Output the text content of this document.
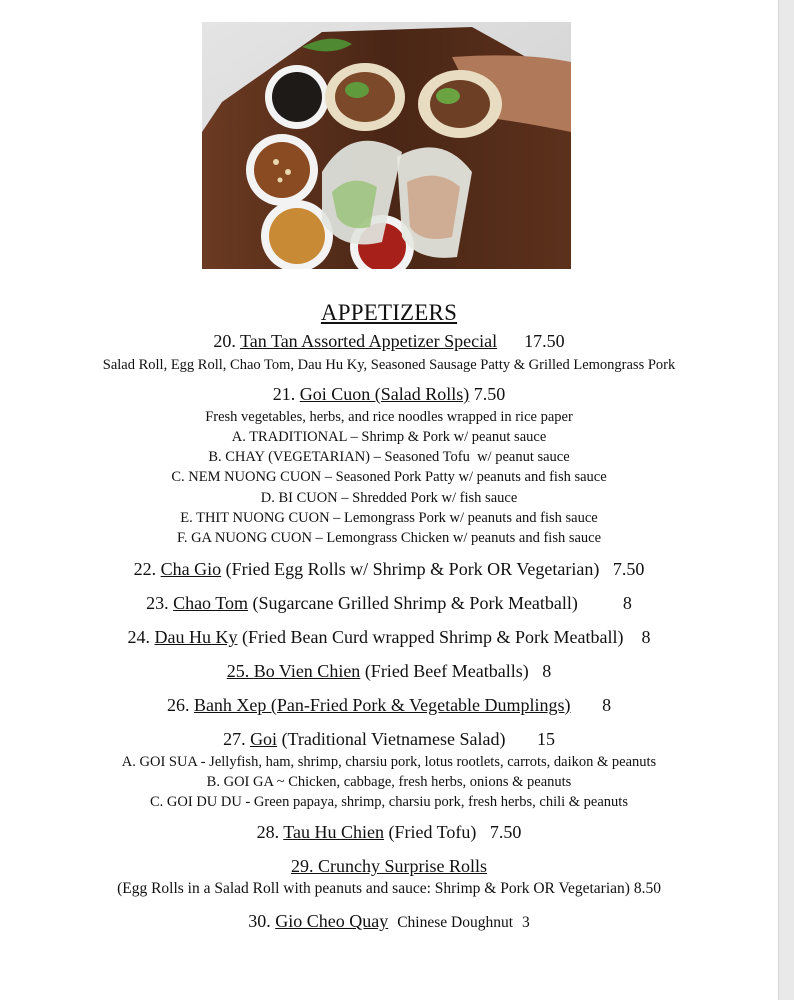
APPETIZERS
20. Tan Tan Assorted Appetizer Special 17.50
Salad Roll, Egg Roll, Chao Tom, Dau Hu Ky, Seasoned Sausage Patty & Grilled Lemongrass Pork
21. Goi Cuon (Salad Rolls) 7.50
Fresh vegetables, herbs, and rice noodles wrapped in rice paper
A. TRADITIONAL – Shrimp & Pork w/ peanut sauce
B. CHAY (VEGETARIAN) – Seasoned Tofu  w/ peanut sauce
C. NEM NUONG CUON – Seasoned Pork Patty w/ peanuts and fish sauce
D. BI CUON – Shredded Pork w/ fish sauce
E. THIT NUONG CUON – Lemongrass Pork w/ peanuts and fish sauce
F. GA NUONG CUON – Lemongrass Chicken w/ peanuts and fish sauce
22. Cha Gio (Fried Egg Rolls w/ Shrimp & Pork OR Vegetarian) 7.50
23. Chao Tom (Sugarcane Grilled Shrimp & Pork Meatball)	8
24. Dau Hu Ky (Fried Bean Curd wrapped Shrimp & Pork Meatball) 8
25. Bo Vien Chien (Fried Beef Meatballs) 8
26. Banh Xep (Pan-Fried Pork & Vegetable Dumplings) 8
27. Goi (Traditional Vietnamese Salad) 15
A. GOI SUA - Jellyfish, ham, shrimp, charsiu pork, lotus rootlets, carrots, daikon & peanuts
B. GOI GA ~ Chicken, cabbage, fresh herbs, onions & peanuts
C. GOI DU DU - Green papaya, shrimp, charsiu pork, fresh herbs, chili & peanuts
28. Tau Hu Chien (Fried Tofu) 7.50
29. Crunchy Surprise Rolls
(Egg Rolls in a Salad Roll with peanuts and sauce: Shrimp & Pork OR Vegetarian) 8.50
30. Gio Cheo Quay Chinese Doughnut 3
